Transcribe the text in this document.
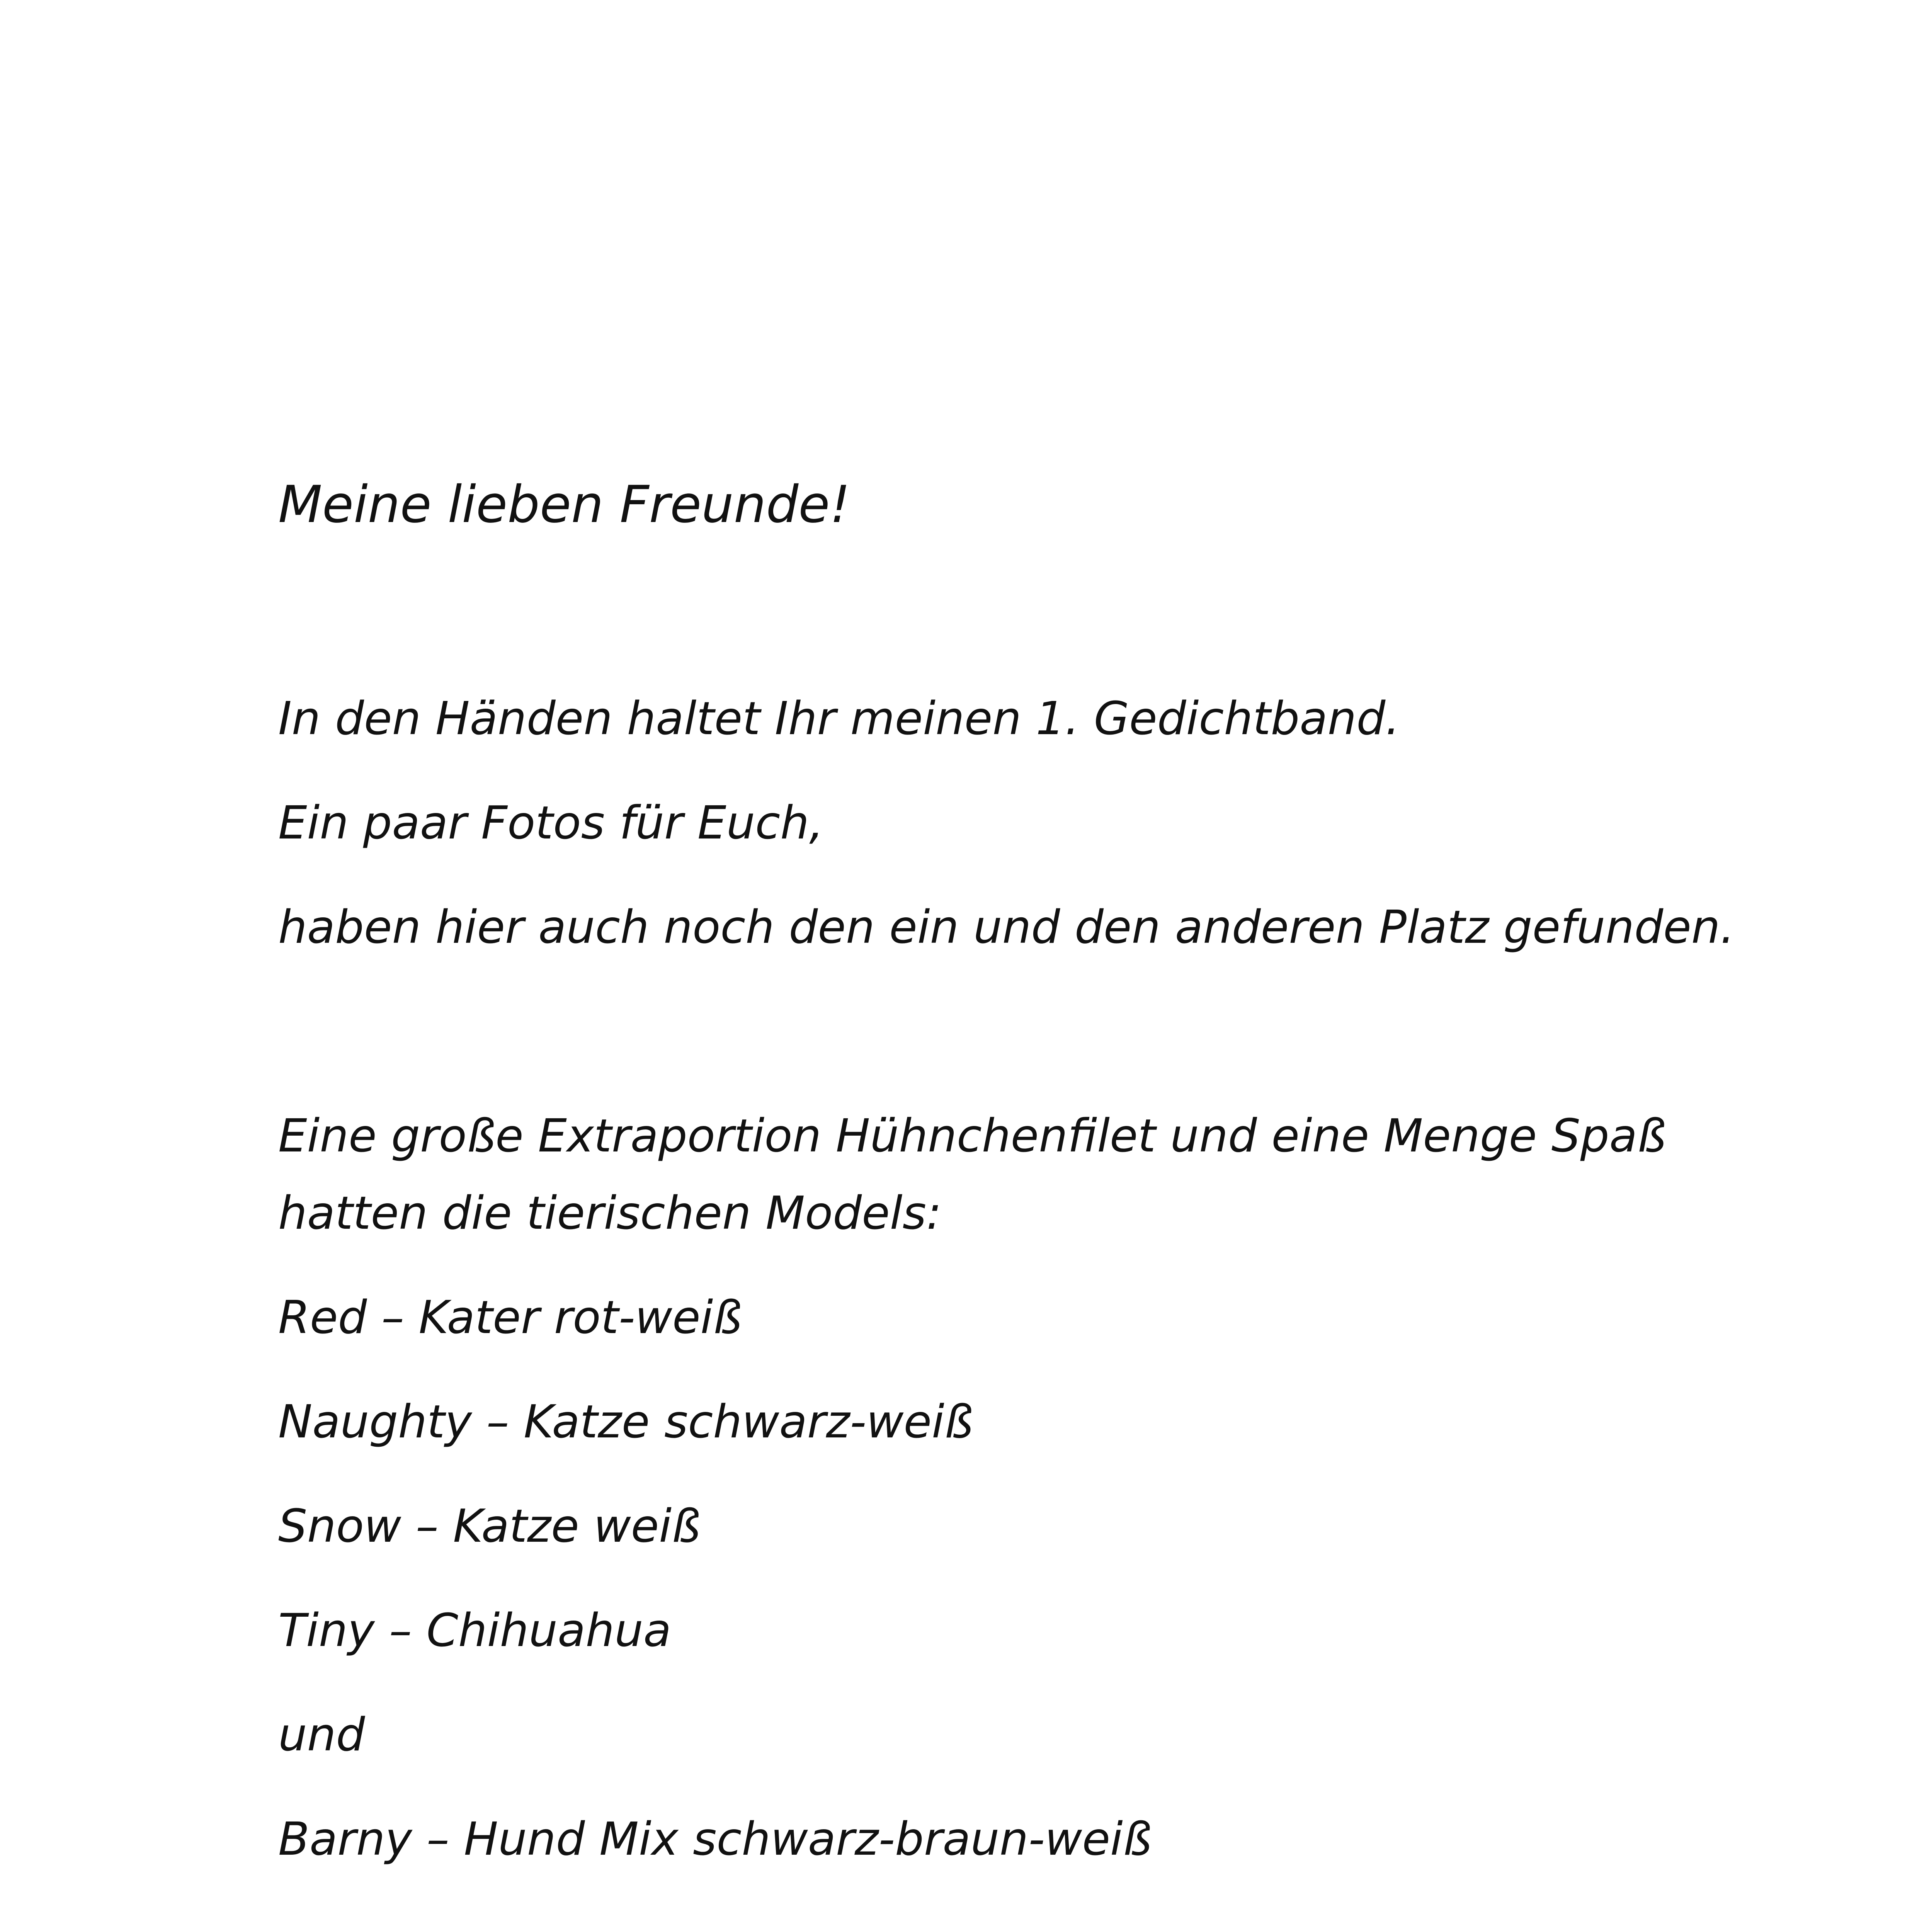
Meine lieben Freunde!

In den Händen haltet Ihr meinen 1. Gedichtband.

Ein paar Fotos für Euch,

haben hier auch noch den ein und den anderen Platz gefunden.

Eine große Extraportion Hühnchenfilet und eine Menge Spaß

hatten die tierischen Models:

Red – Kater rot-weiß

Naughty – Katze schwarz-weiß

Snow – Katze weiß

Tiny – Chihuahua

und

Barny – Hund Mix schwarz-braun-weiß
